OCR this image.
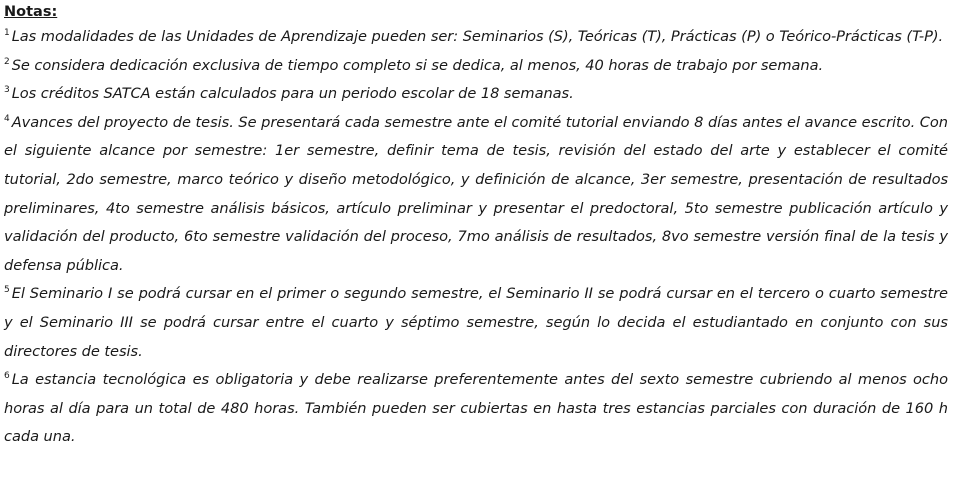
Notas:

$^1$ Las modalidades de las Unidades de Aprendizaje pueden ser: Seminarios (S), Teóricas (T), Prácticas (P) o Teórico-Prácticas (T-P).

$^2$ Se considera dedicación exclusiva de tiempo completo si se dedica, al menos, 40 horas de trabajo por semana.

$^3$ Los créditos SATCA están calculados para un periodo escolar de 18 semanas.

$^4$ Avances del proyecto de tesis. Se presentará cada semestre ante el comité tutorial enviando 8 días antes el avance escrito. Con el siguiente alcance por semestre: 1er semestre, definir tema de tesis, revisión del estado del arte y establecer el comité tutorial, 2do semestre, marco teórico y diseño metodológico, y definición de alcance, 3er semestre, presentación de resultados preliminares, 4to semestre análisis básicos, artículo preliminar y presentar el predoctoral, 5to semestre publicación artículo y validación del producto, 6to semestre validación del proceso, 7mo análisis de resultados, 8vo semestre versión final de la tesis y defensa pública.

$^5$ El Seminario I se podrá cursar en el primer o segundo semestre, el Seminario II se podrá cursar en el tercero o cuarto semestre y el Seminario III se podrá cursar entre el cuarto y séptimo semestre, según lo decida el estudiantado en conjunto con sus directores de tesis.

$^6$ La estancia tecnológica es obligatoria y debe realizarse preferentemente antes del sexto semestre cubriendo al menos ocho horas al día para un total de 480 horas. También pueden ser cubiertas en hasta tres estancias parciales con duración de 160 h cada una.
